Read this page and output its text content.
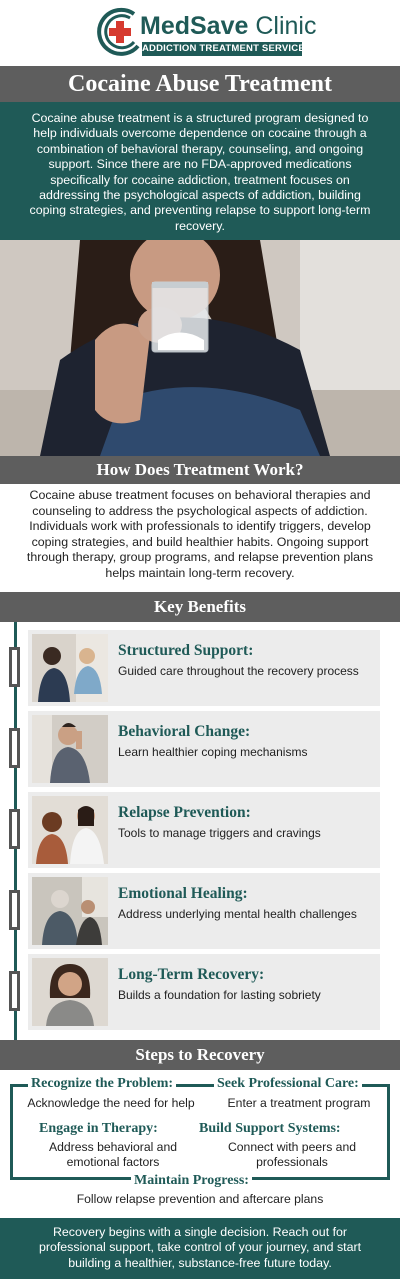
MedSave Clinic
ADDICTION TREATMENT SERVICES
Cocaine Abuse Treatment
Cocaine abuse treatment is a structured program designed to help individuals overcome dependence on cocaine through a combination of behavioral therapy, counseling, and ongoing support. Since there are no FDA-approved medications specifically for cocaine addiction, treatment focuses on addressing the psychological aspects of addiction, building coping strategies, and preventing relapse to support long-term recovery.
How Does Treatment Work?
Cocaine abuse treatment focuses on behavioral therapies and counseling to address the psychological aspects of addiction. Individuals work with professionals to identify triggers, develop coping strategies, and build healthier habits. Ongoing support through therapy, group programs, and relapse prevention plans helps maintain long-term recovery.
Key Benefits
Structured Support:
Guided care throughout the recovery process
Behavioral Change:
Learn healthier coping mechanisms
Relapse Prevention:
Tools to manage triggers and cravings
Emotional Healing:
Address underlying mental health challenges
Long-Term Recovery:
Builds a foundation for lasting sobriety
Steps to Recovery
Recognize the Problem:
Acknowledge the need for help
Seek Professional Care:
Enter a treatment program
Engage in Therapy:
Address behavioral and emotional factors
Build Support Systems:
Connect with peers and professionals
Maintain Progress:
Follow relapse prevention and aftercare plans
Recovery begins with a single decision. Reach out for professional support, take control of your journey, and start building a healthier, substance-free future today.
